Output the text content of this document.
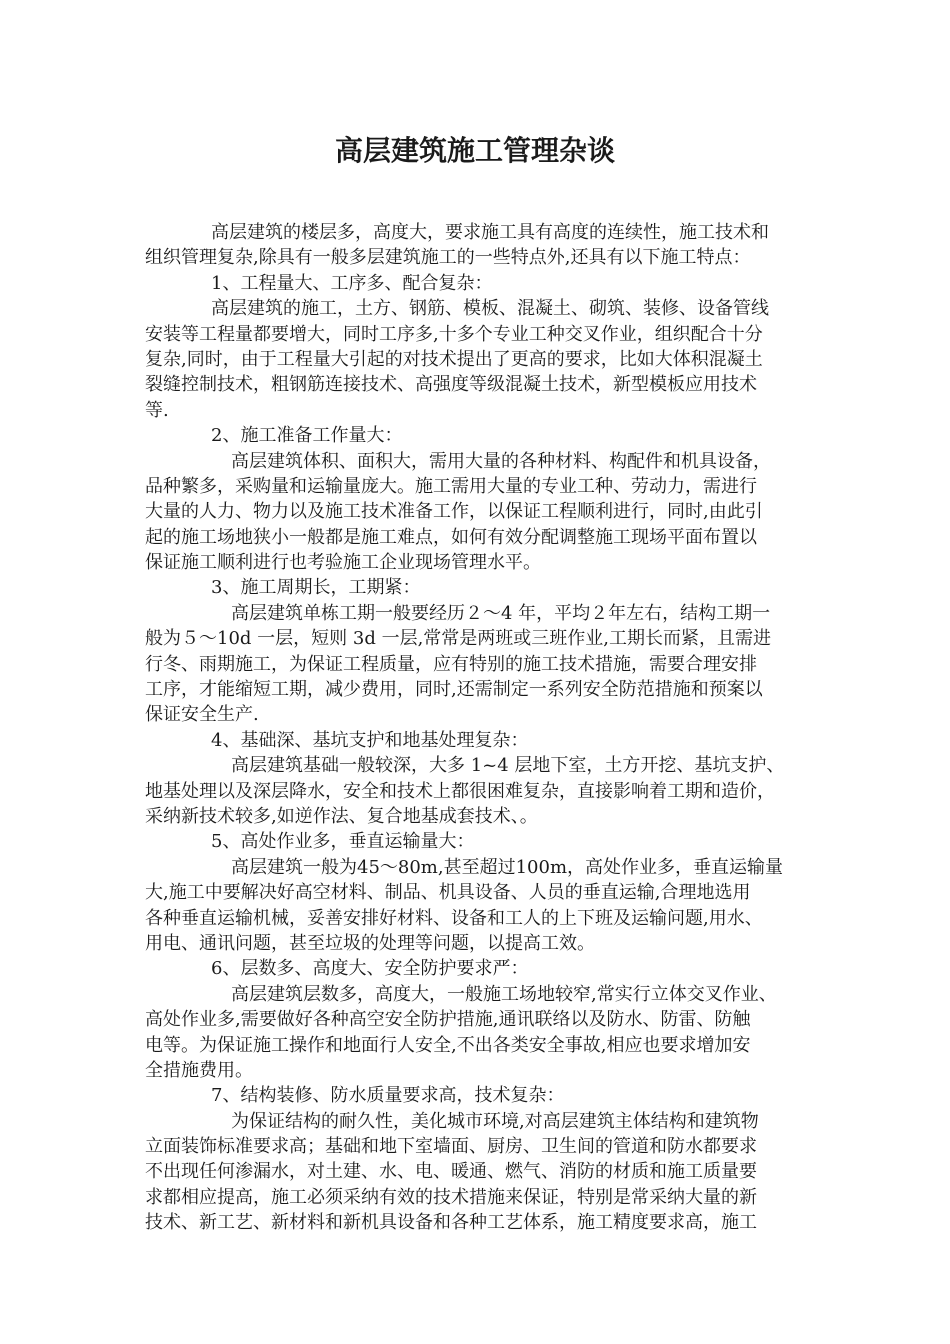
高层建筑施工管理杂谈
高层建筑的楼层多，高度大，要求施工具有高度的连续性，施工技术和
组织管理复杂,除具有一般多层建筑施工的一些特点外,还具有以下施工特点：
1、工程量大、工序多、配合复杂：
高层建筑的施工，土方、钢筋、模板、混凝土、砌筑、装修、设备管线
安装等工程量都要增大，同时工序多,十多个专业工种交叉作业，组织配合十分
复杂,同时，由于工程量大引起的对技术提出了更高的要求，比如大体积混凝土
裂缝控制技术，粗钢筋连接技术、高强度等级混凝土技术，新型模板应用技术
等.
2、施工准备工作量大：
高层建筑体积、面积大，需用大量的各种材料、构配件和机具设备，
品种繁多，采购量和运输量庞大。施工需用大量的专业工种、劳动力，需进行
大量的人力、物力以及施工技术准备工作，以保证工程顺利进行，同时,由此引
起的施工场地狭小一般都是施工难点，如何有效分配调整施工现场平面布置以
保证施工顺利进行也考验施工企业现场管理水平。
3、施工周期长，工期紧：
高层建筑单栋工期一般要经历２～4 年，平均２年左右，结构工期一
般为５～10d 一层，短则 3d 一层,常常是两班或三班作业,工期长而紧，且需进
行冬、雨期施工，为保证工程质量，应有特别的施工技术措施，需要合理安排
工序，才能缩短工期，减少费用，同时,还需制定一系列安全防范措施和预案以
保证安全生产.
4、基础深、基坑支护和地基处理复杂：
高层建筑基础一般较深，大多 1~4 层地下室，土方开挖、基坑支护、
地基处理以及深层降水，安全和技术上都很困难复杂，直接影响着工期和造价，
采纳新技术较多,如逆作法、复合地基成套技术、。
5、高处作业多，垂直运输量大：
高层建筑一般为45～80m,甚至超过100m，高处作业多，垂直运输量
大,施工中要解决好高空材料、制品、机具设备、人员的垂直运输,合理地选用
各种垂直运输机械，妥善安排好材料、设备和工人的上下班及运输问题,用水、
用电、通讯问题，甚至垃圾的处理等问题，以提高工效。
6、层数多、高度大、安全防护要求严：
高层建筑层数多，高度大，一般施工场地较窄,常实行立体交叉作业、
高处作业多,需要做好各种高空安全防护措施,通讯联络以及防水、防雷、防触
电等。为保证施工操作和地面行人安全,不出各类安全事故,相应也要求增加安
全措施费用。
7、结构装修、防水质量要求高，技术复杂：
为保证结构的耐久性，美化城市环境,对高层建筑主体结构和建筑物
立面装饰标准要求高；基础和地下室墙面、厨房、卫生间的管道和防水都要求
不出现任何渗漏水，对土建、水、电、暖通、燃气、消防的材质和施工质量要
求都相应提高，施工必须采纳有效的技术措施来保证，特别是常采纳大量的新
技术、新工艺、新材料和新机具设备和各种工艺体系，施工精度要求高，施工
